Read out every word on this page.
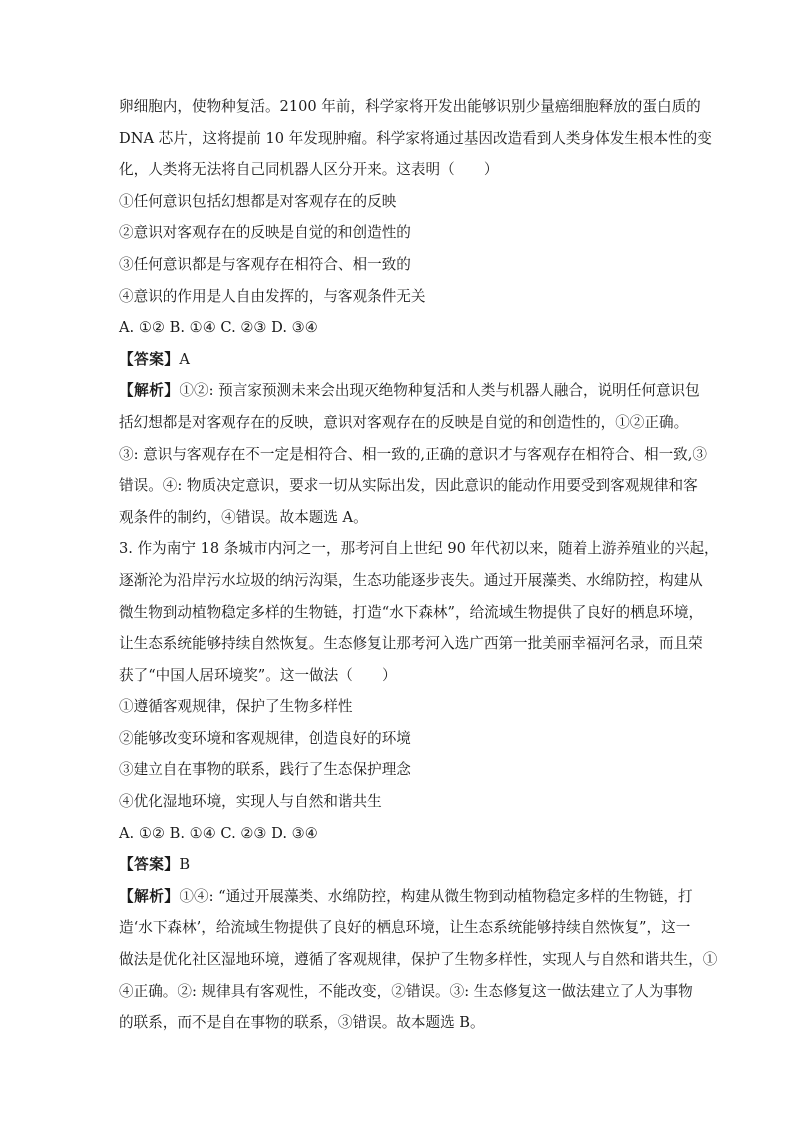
卵细胞内，使物种复活。2100 年前，科学家将开发出能够识别少量癌细胞释放的蛋白质的

DNA 芯片，这将提前 10 年发现肿瘤。科学家将通过基因改造看到人类身体发生根本性的变

化，人类将无法将自己同机器人区分开来。这表明（　　）

①任何意识包括幻想都是对客观存在的反映

②意识对客观存在的反映是自觉的和创造性的

③任何意识都是与客观存在相符合、相一致的

④意识的作用是人自由发挥的，与客观条件无关

A. ①② B. ①④ C. ②③ D. ③④

【答案】A

【解析】①②: 预言家预测未来会出现灭绝物种复活和人类与机器人融合，说明任何意识包

括幻想都是对客观存在的反映，意识对客观存在的反映是自觉的和创造性的，①②正确。

③: 意识与客观存在不一定是相符合、相一致的,正确的意识才与客观存在相符合、相一致,③

错误。④: 物质决定意识，要求一切从实际出发，因此意识的能动作用要受到客观规律和客

观条件的制约，④错误。故本题选 A。

3. 作为南宁 18 条城市内河之一，那考河自上世纪 90 年代初以来，随着上游养殖业的兴起，

逐渐沦为沿岸污水垃圾的纳污沟渠，生态功能逐步丧失。通过开展藻类、水绵防控，构建从

微生物到动植物稳定多样的生物链，打造“水下森林”，给流域生物提供了良好的栖息环境，

让生态系统能够持续自然恢复。生态修复让那考河入选广西第一批美丽幸福河名录，而且荣

获了“中国人居环境奖”。这一做法（　　）

①遵循客观规律，保护了生物多样性

②能够改变环境和客观规律，创造良好的环境

③建立自在事物的联系，践行了生态保护理念

④优化湿地环境，实现人与自然和谐共生

A. ①② B. ①④ C. ②③ D. ③④

【答案】B

【解析】①④: “通过开展藻类、水绵防控，构建从微生物到动植物稳定多样的生物链，打

造‘水下森林’，给流域生物提供了良好的栖息环境，让生态系统能够持续自然恢复”，这一

做法是优化社区湿地环境，遵循了客观规律，保护了生物多样性，实现人与自然和谐共生，①

④正确。②: 规律具有客观性，不能改变，②错误。③: 生态修复这一做法建立了人为事物

的联系，而不是自在事物的联系，③错误。故本题选 B。
